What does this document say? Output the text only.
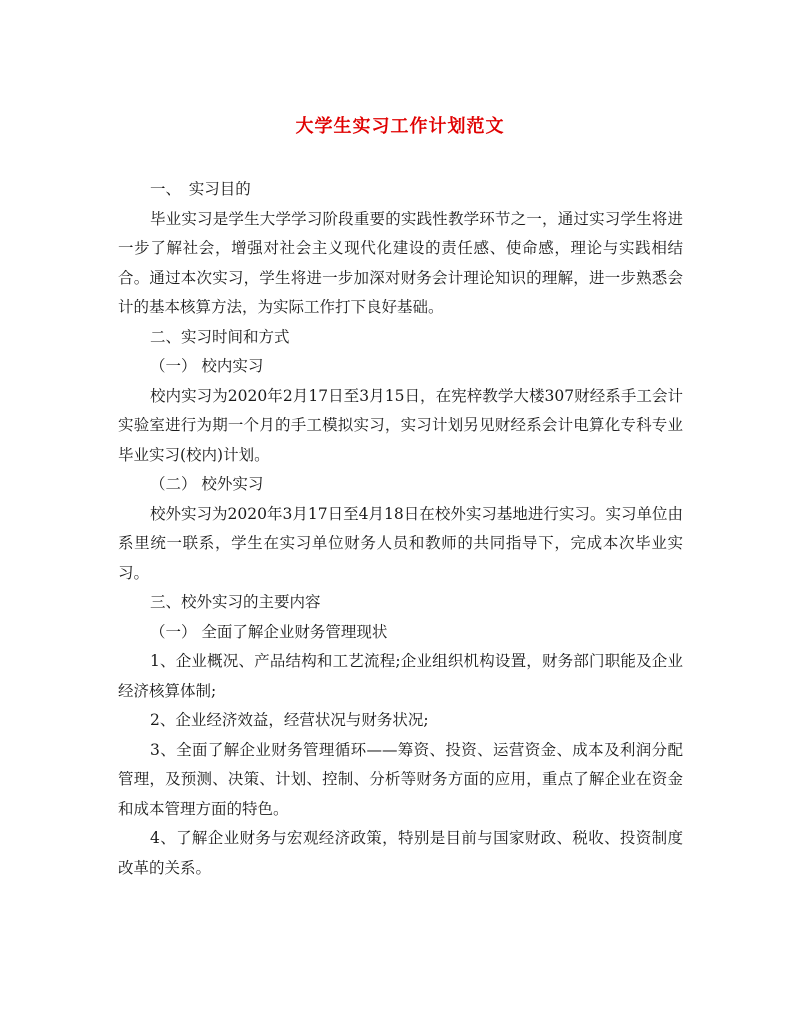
大学生实习工作计划范文

一、　实习目的

毕业实习是学生大学学习阶段重要的实践性教学环节之一，通过实习学生将进一步了解社会，增强对社会主义现代化建设的责任感、使命感，理论与实践相结合。通过本次实习，学生将进一步加深对财务会计理论知识的理解，进一步熟悉会计的基本核算方法，为实际工作打下良好基础。

二、实习时间和方式

（一） 校内实习

校内实习为2020年2月17日至3月15日，在宪梓教学大楼307财经系手工会计实验室进行为期一个月的手工模拟实习，实习计划另见财经系会计电算化专科专业毕业实习(校内)计划。

（二） 校外实习

校外实习为2020年3月17日至4月18日在校外实习基地进行实习。实习单位由系里统一联系，学生在实习单位财务人员和教师的共同指导下，完成本次毕业实习。

三、校外实习的主要内容

（一） 全面了解企业财务管理现状

1、企业概况、产品结构和工艺流程;企业组织机构设置，财务部门职能及企业经济核算体制;

2、企业经济效益，经营状况与财务状况;

3、全面了解企业财务管理循环——筹资、投资、运营资金、成本及利润分配管理，及预测、决策、计划、控制、分析等财务方面的应用，重点了解企业在资金和成本管理方面的特色。

4、了解企业财务与宏观经济政策，特别是目前与国家财政、税收、投资制度改革的关系。
